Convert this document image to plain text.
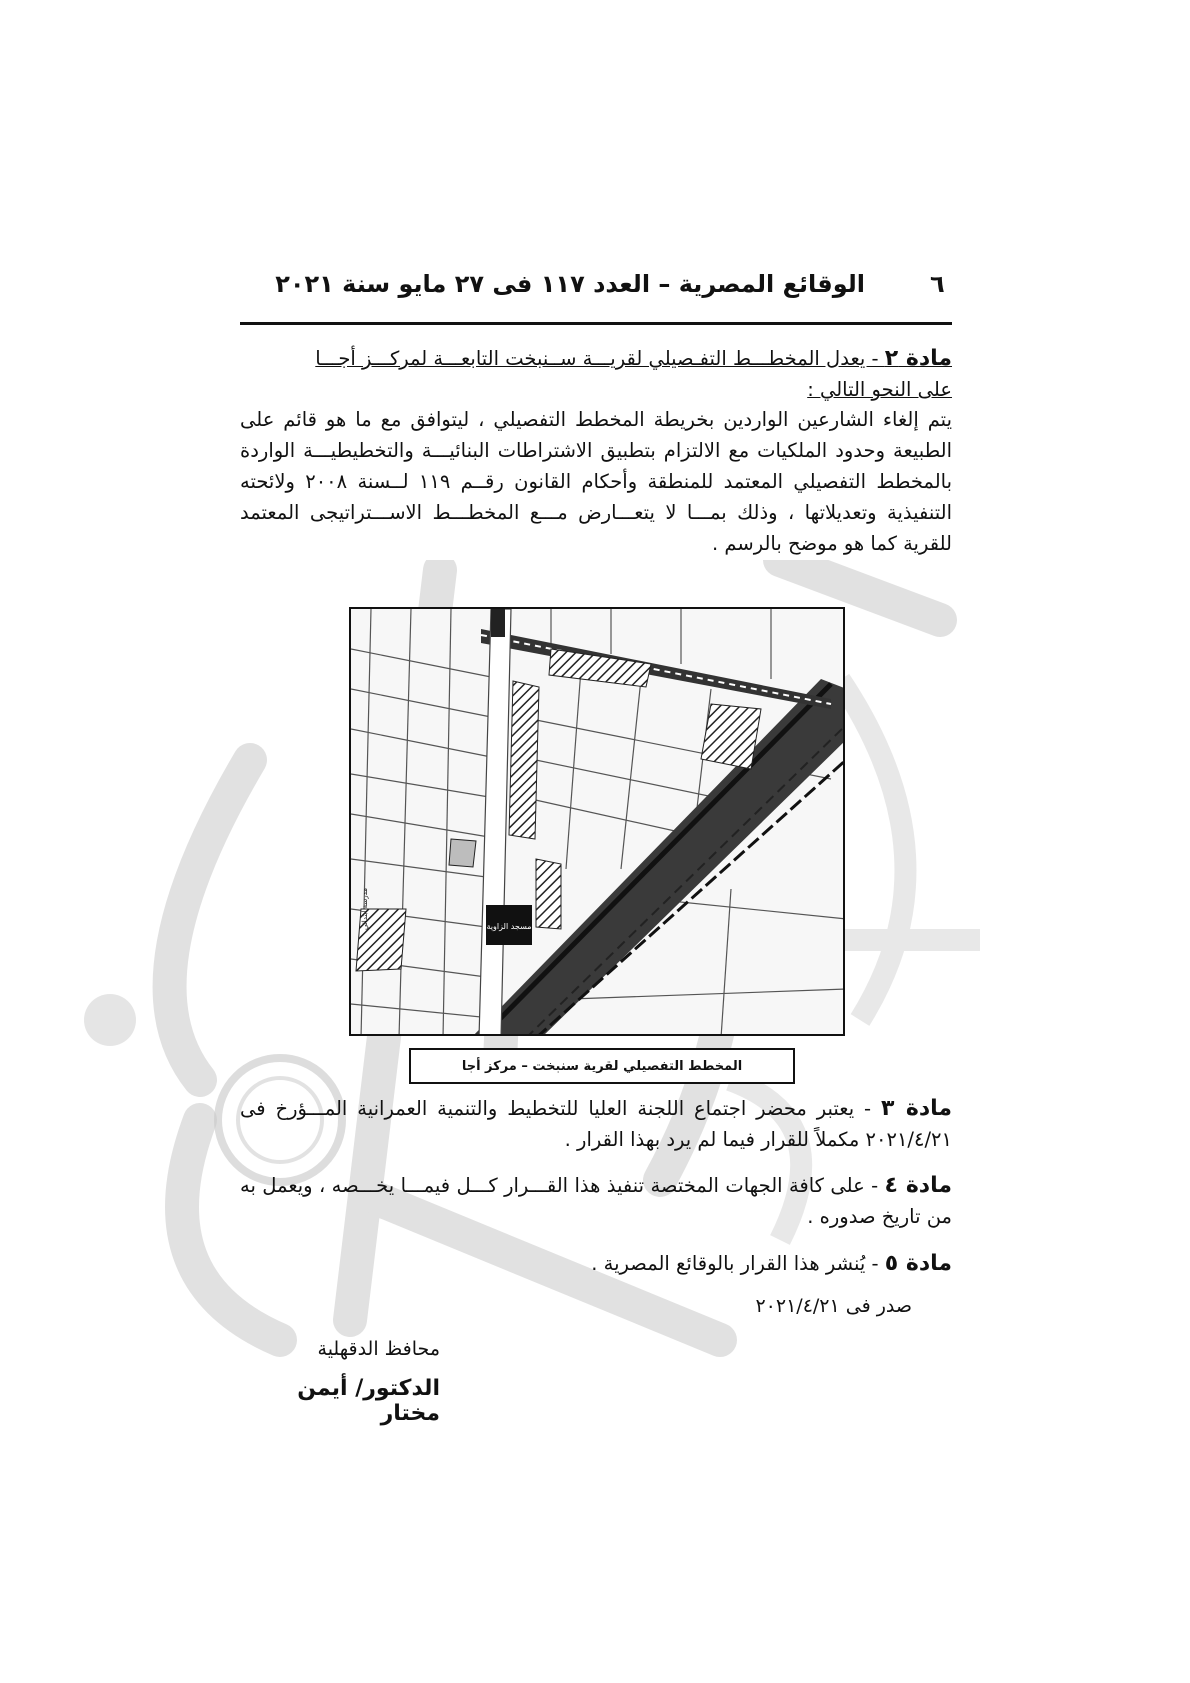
الوقائع المصرية – العدد ١١٧ فى ٢٧ مايو سنة ٢٠٢١	٦
مادة ٢ - يعدل المخطـــط التفـصيلي لقريـــة ســنبخت التابعـــة لمركـــز أجـــا
على النحو التالي :
يتم إلغاء الشارعين الواردين بخريطة المخطط التفصيلي ، ليتوافق مع ما هو قائم على الطبيعة وحدود الملكيات مع الالتزام بتطبيق الاشتراطات البنائيـــة والتخطيطيـــة الواردة بالمخطط التفصيلي المعتمد للمنطقة وأحكام القانون رقــم ١١٩ لــسنة ٢٠٠٨ ولائحته التنفيذية وتعديلاتها ، وذلك بمـــا لا يتعـــارض مـــع المخطـــط الاســـتراتيجى المعتمد للقرية كما هو موضح بالرسم .
مسجد الزاوية
مدرسة ابتدائي
المخطط التفصيلي لقرية سنبخت – مركز أجا
مادة ٣ - يعتبر محضر اجتماع اللجنة العليا للتخطيط والتنمية العمرانية المـــؤرخ فى ٢٠٢١/٤/٢١ مكملاً للقرار فيما لم يرد بهذا القرار .
مادة ٤ - على كافة الجهات المختصة تنفيذ هذا القـــرار كـــل فيمـــا يخـــصه ، ويعمل به من تاريخ صدوره .
مادة ٥ - يُنشر هذا القرار بالوقائع المصرية .
صدر فى ٢٠٢١/٤/٢١
محافظ الدقهلية
الدكتور/ أيمن مختار
